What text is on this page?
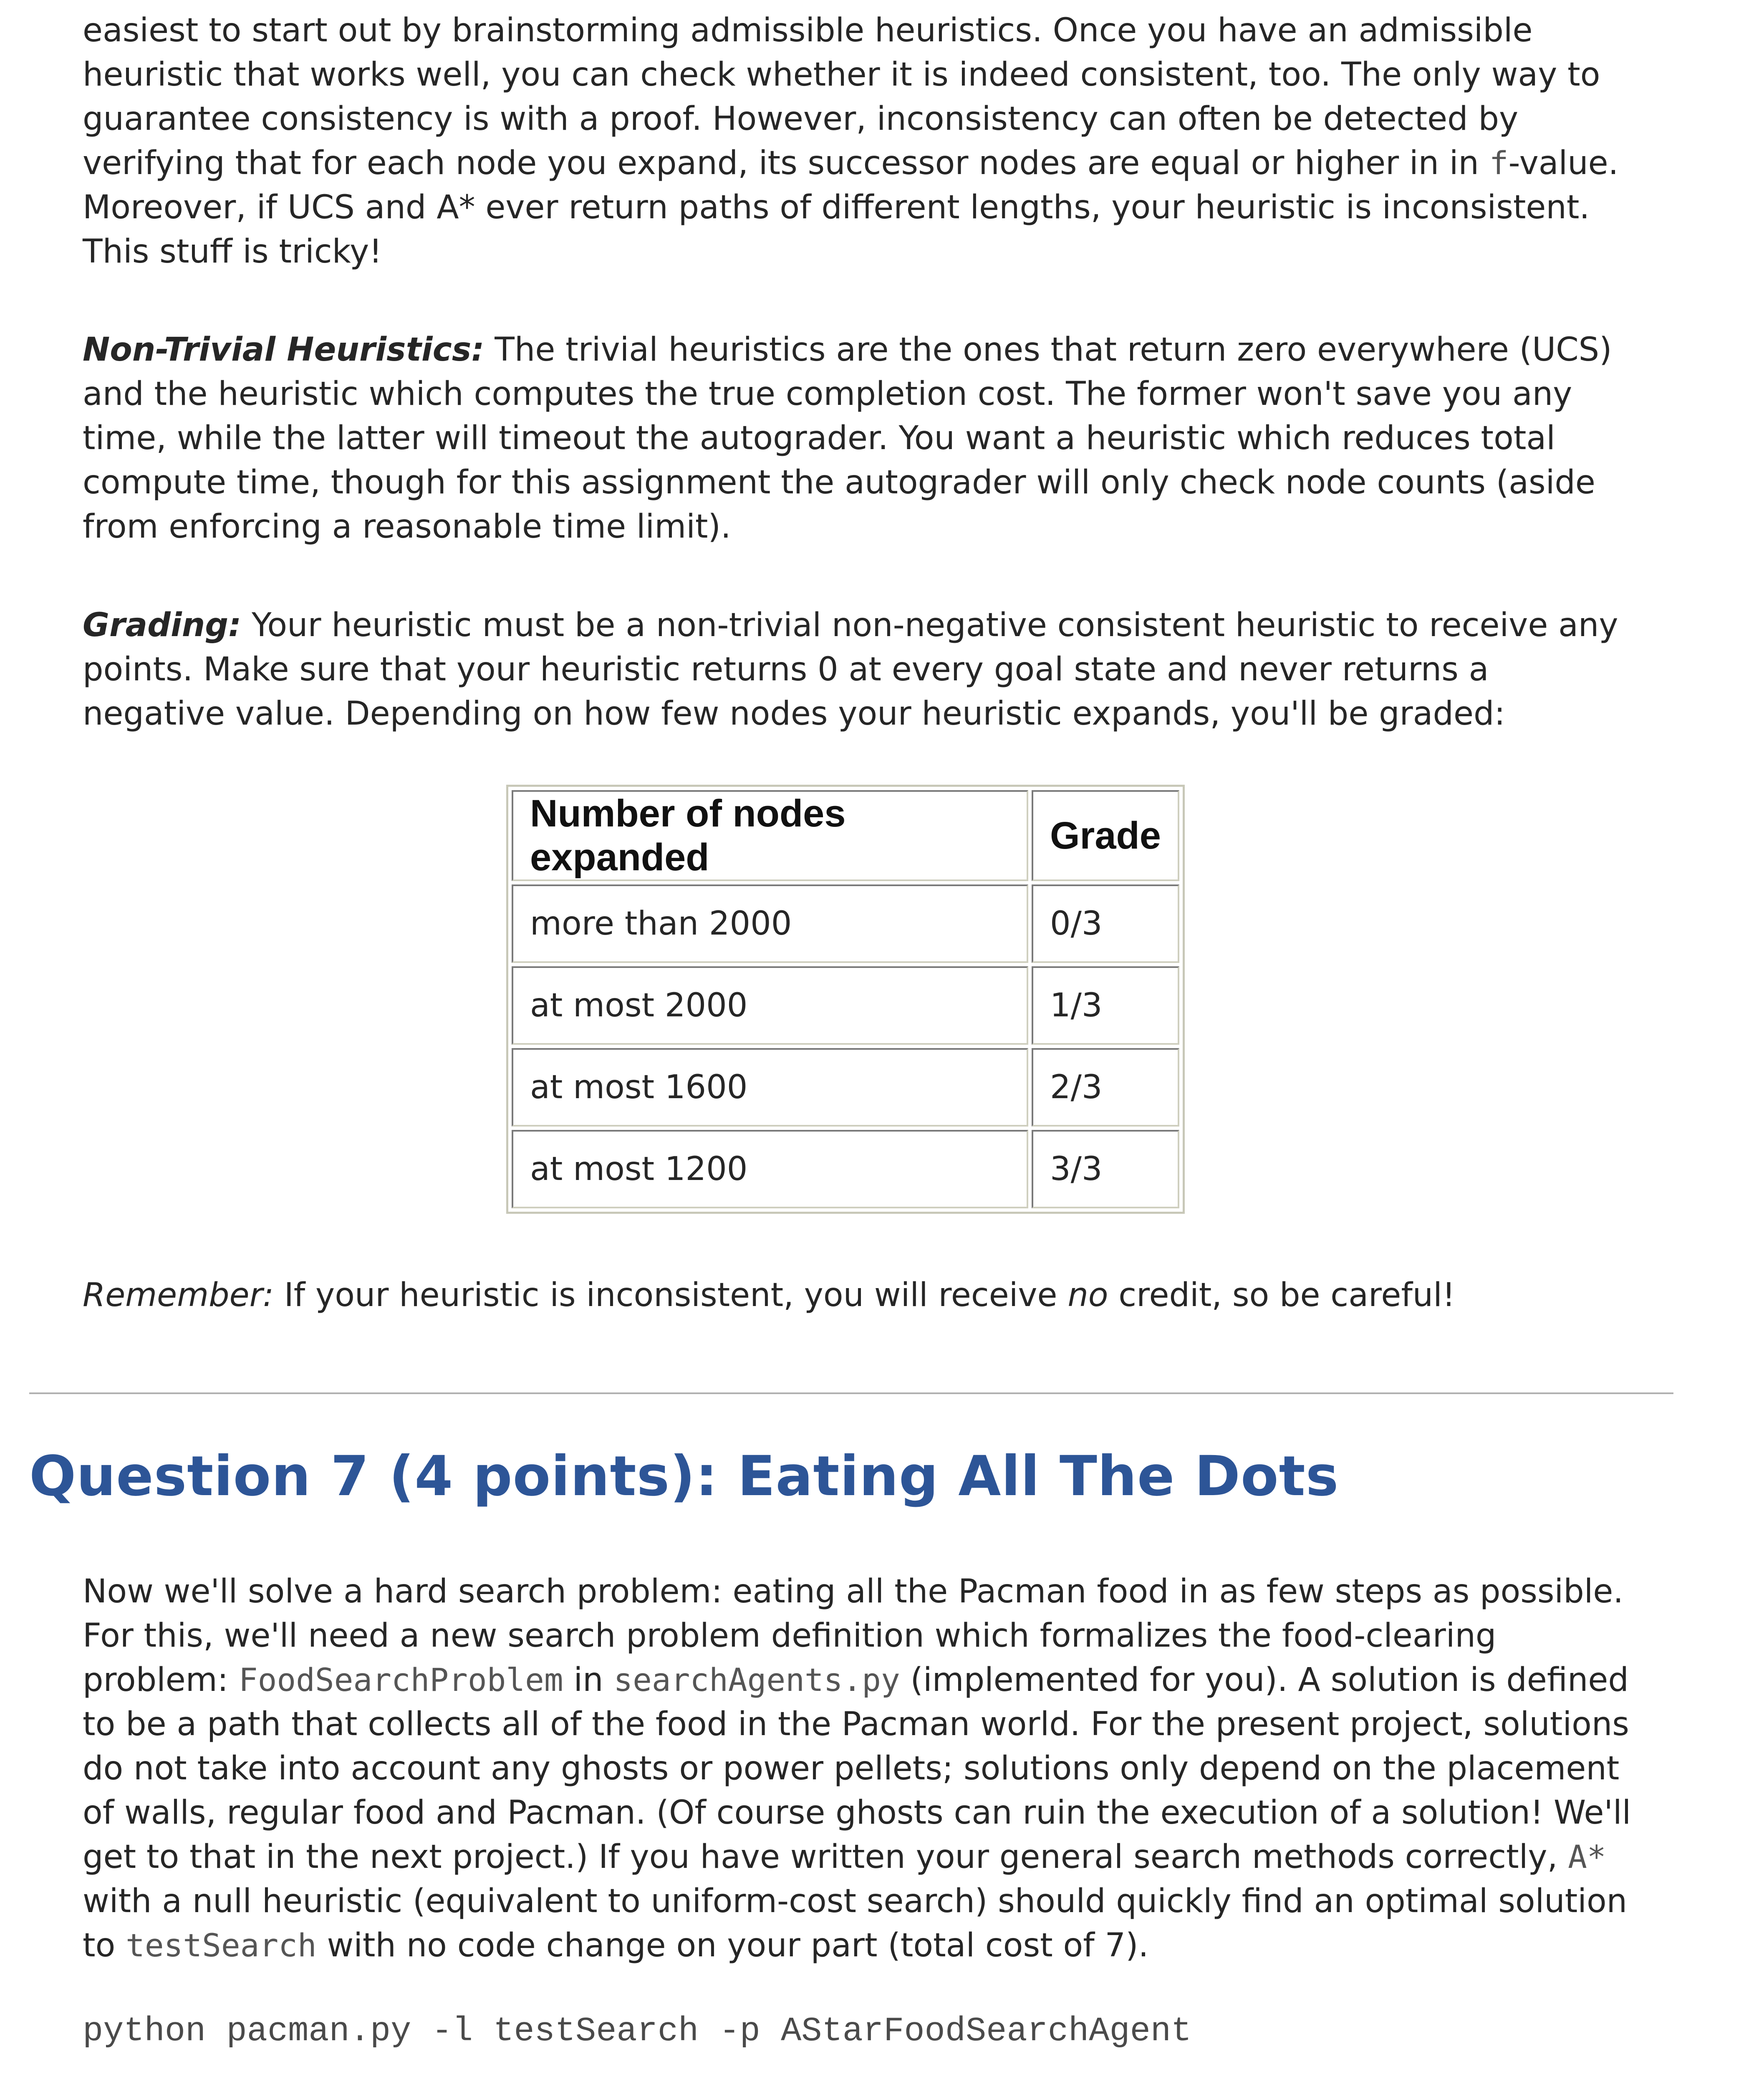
easiest to start out by brainstorming admissible heuristics. Once you have an admissible heuristic that works well, you can check whether it is indeed consistent, too. The only way to guarantee consistency is with a proof. However, inconsistency can often be detected by verifying that for each node you expand, its successor nodes are equal or higher in in f-value. Moreover, if UCS and A* ever return paths of different lengths, your heuristic is inconsistent. This stuff is tricky!

Non-Trivial Heuristics: The trivial heuristics are the ones that return zero everywhere (UCS) and the heuristic which computes the true completion cost. The former won't save you any time, while the latter will timeout the autograder. You want a heuristic which reduces total compute time, though for this assignment the autograder will only check node counts (aside from enforcing a reasonable time limit).

Grading: Your heuristic must be a non-trivial non-negative consistent heuristic to receive any points. Make sure that your heuristic returns 0 at every goal state and never returns a negative value. Depending on how few nodes your heuristic expands, you'll be graded:

Number of nodes expanded	Grade
more than 2000	0/3
at most 2000	1/3
at most 1600	2/3
at most 1200	3/3

Remember: If your heuristic is inconsistent, you will receive no credit, so be careful!

Question 7 (4 points): Eating All The Dots

Now we'll solve a hard search problem: eating all the Pacman food in as few steps as possible. For this, we'll need a new search problem definition which formalizes the food-clearing problem: FoodSearchProblem in searchAgents.py (implemented for you). A solution is defined to be a path that collects all of the food in the Pacman world. For the present project, solutions do not take into account any ghosts or power pellets; solutions only depend on the placement of walls, regular food and Pacman. (Of course ghosts can ruin the execution of a solution! We'll get to that in the next project.) If you have written your general search methods correctly, A* with a null heuristic (equivalent to uniform-cost search) should quickly find an optimal solution to testSearch with no code change on your part (total cost of 7).

python pacman.py -l testSearch -p AStarFoodSearchAgent
